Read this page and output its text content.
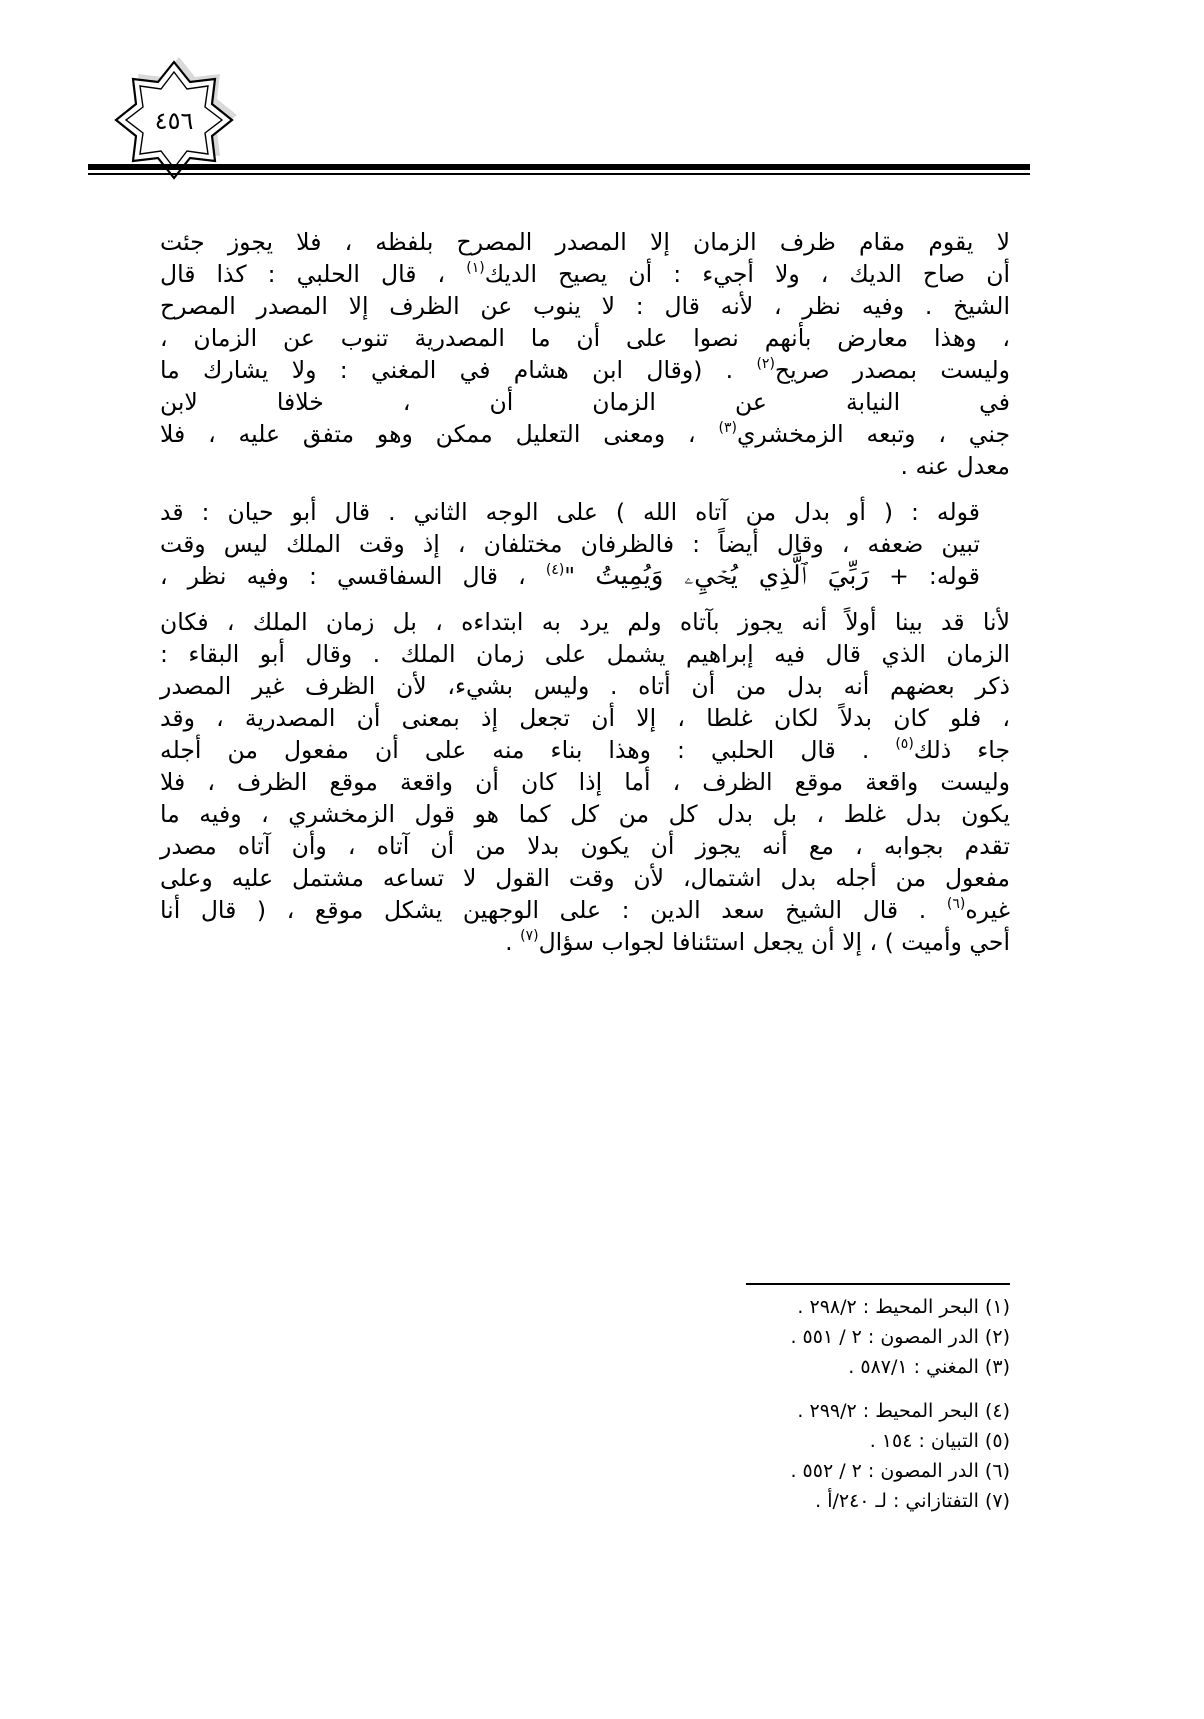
٤٥٦

لا يقوم مقام ظرف الزمان إلا المصدر المصرح بلفظه ، فلا يجوز جئت
أن صاح الديك ، ولا أجيء : أن يصيح الديك$^{(١)}$ ، قال الحلبي : كذا قال
الشيخ . وفيه نظر ، لأنه قال : لا ينوب عن الظرف إلا المصدر المصرح
، وهذا معارض بأنهم نصوا على أن ما المصدرية تنوب عن الزمان ،
وليست بمصدر صريح$^{(٢)}$ . (وقال ابن هشام في المغني : ولا يشارك ما
في النيابة عن الزمان أن ، خلافا لابن
جني ، وتبعه الزمخشري$^{(٣)}$ ، ومعنى التعليل ممكن وهو متفق عليه ، فلا
معدل عنه .

قوله : ( أو بدل من آتاه الله ) على الوجه الثاني . قال أبو حيان : قد
تبين ضعفه ، وقال أيضاً : فالظرفان مختلفان ، إذ وقت الملك ليس وقت
قوله: + رَبِّيَ ٱلَّذِي يُحۡيِۦ وَيُمِيتُ "$^{(٤)}$ ، قال السفاقسي : وفيه نظر ،

لأنا قد بينا أولاً أنه يجوز بآتاه ولم يرد به ابتداءه ، بل زمان الملك ، فكان
الزمان الذي قال فيه إبراهيم يشمل على زمان الملك . وقال أبو البقاء :
ذكر بعضهم أنه بدل من أن أتاه . وليس بشيء، لأن الظرف غير المصدر
، فلو كان بدلاً لكان غلطا ، إلا أن تجعل إذ بمعنى أن المصدرية ، وقد
جاء ذلك$^{(٥)}$ . قال الحلبي : وهذا بناء منه على أن مفعول من أجله
وليست واقعة موقع الظرف ، أما إذا كان أن واقعة موقع الظرف ، فلا
يكون بدل غلط ، بل بدل كل من كل كما هو قول الزمخشري ، وفيه ما
تقدم بجوابه ، مع أنه يجوز أن يكون بدلا من أن آتاه ، وأن آتاه مصدر
مفعول من أجله بدل اشتمال، لأن وقت القول لا تساعه مشتمل عليه وعلى
غيره$^{(٦)}$ . قال الشيخ سعد الدين : على الوجهين يشكل موقع ، ( قال أنا
أحي وأميت ) ، إلا أن يجعل استئنافا لجواب سؤال$^{(٧)}$ .

(١) البحر المحيط : ٢٩٨/٢ .
(٢) الدر المصون : ٢ / ٥٥١ .
(٣) المغني : ٥٨٧/١ .
(٤) البحر المحيط : ٢٩٩/٢ .
(٥) التبيان : ١٥٤ .
(٦) الدر المصون : ٢ / ٥٥٢ .
(٧) التفتازاني : لـ ٢٤٠/أ .
